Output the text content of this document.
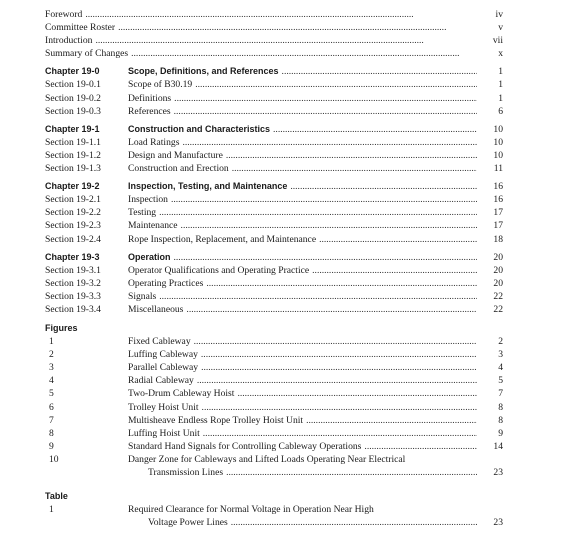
Foreword . . .	iv
Committee Roster . . .	v
Introduction . . .	vii
Summary of Changes . . .	x
Chapter 19-0	Scope, Definitions, and References . . .	1
Section 19-0.1	Scope of B30.19 . . .	1
Section 19-0.2	Definitions . . .	1
Section 19-0.3	References . . .	6
Chapter 19-1	Construction and Characteristics . . .	10
Section 19-1.1	Load Ratings . . .	10
Section 19-1.2	Design and Manufacture . . .	10
Section 19-1.3	Construction and Erection . . .	11
Chapter 19-2	Inspection, Testing, and Maintenance . . .	16
Section 19-2.1	Inspection . . .	16
Section 19-2.2	Testing . . .	17
Section 19-2.3	Maintenance . . .	17
Section 19-2.4	Rope Inspection, Replacement, and Maintenance . . .	18
Chapter 19-3	Operation . . .	20
Section 19-3.1	Operator Qualifications and Operating Practice . . .	20
Section 19-3.2	Operating Practices . . .	20
Section 19-3.3	Signals . . .	22
Section 19-3.4	Miscellaneous . . .	22
Figures
1	Fixed Cableway . . .	2
2	Luffing Cableway . . .	3
3	Parallel Cableway . . .	4
4	Radial Cableway . . .	5
5	Two-Drum Cableway Hoist . . .	7
6	Trolley Hoist Unit . . .	8
7	Multisheave Endless Rope Trolley Hoist Unit . . .	8
8	Luffing Hoist Unit . . .	9
9	Standard Hand Signals for Controlling Cableway Operations . . .	14
10	Danger Zone for Cableways and Lifted Loads Operating Near Electrical
Transmission Lines . . .	23
Table
1	Required Clearance for Normal Voltage in Operation Near High
Voltage Power Lines . . .	23
